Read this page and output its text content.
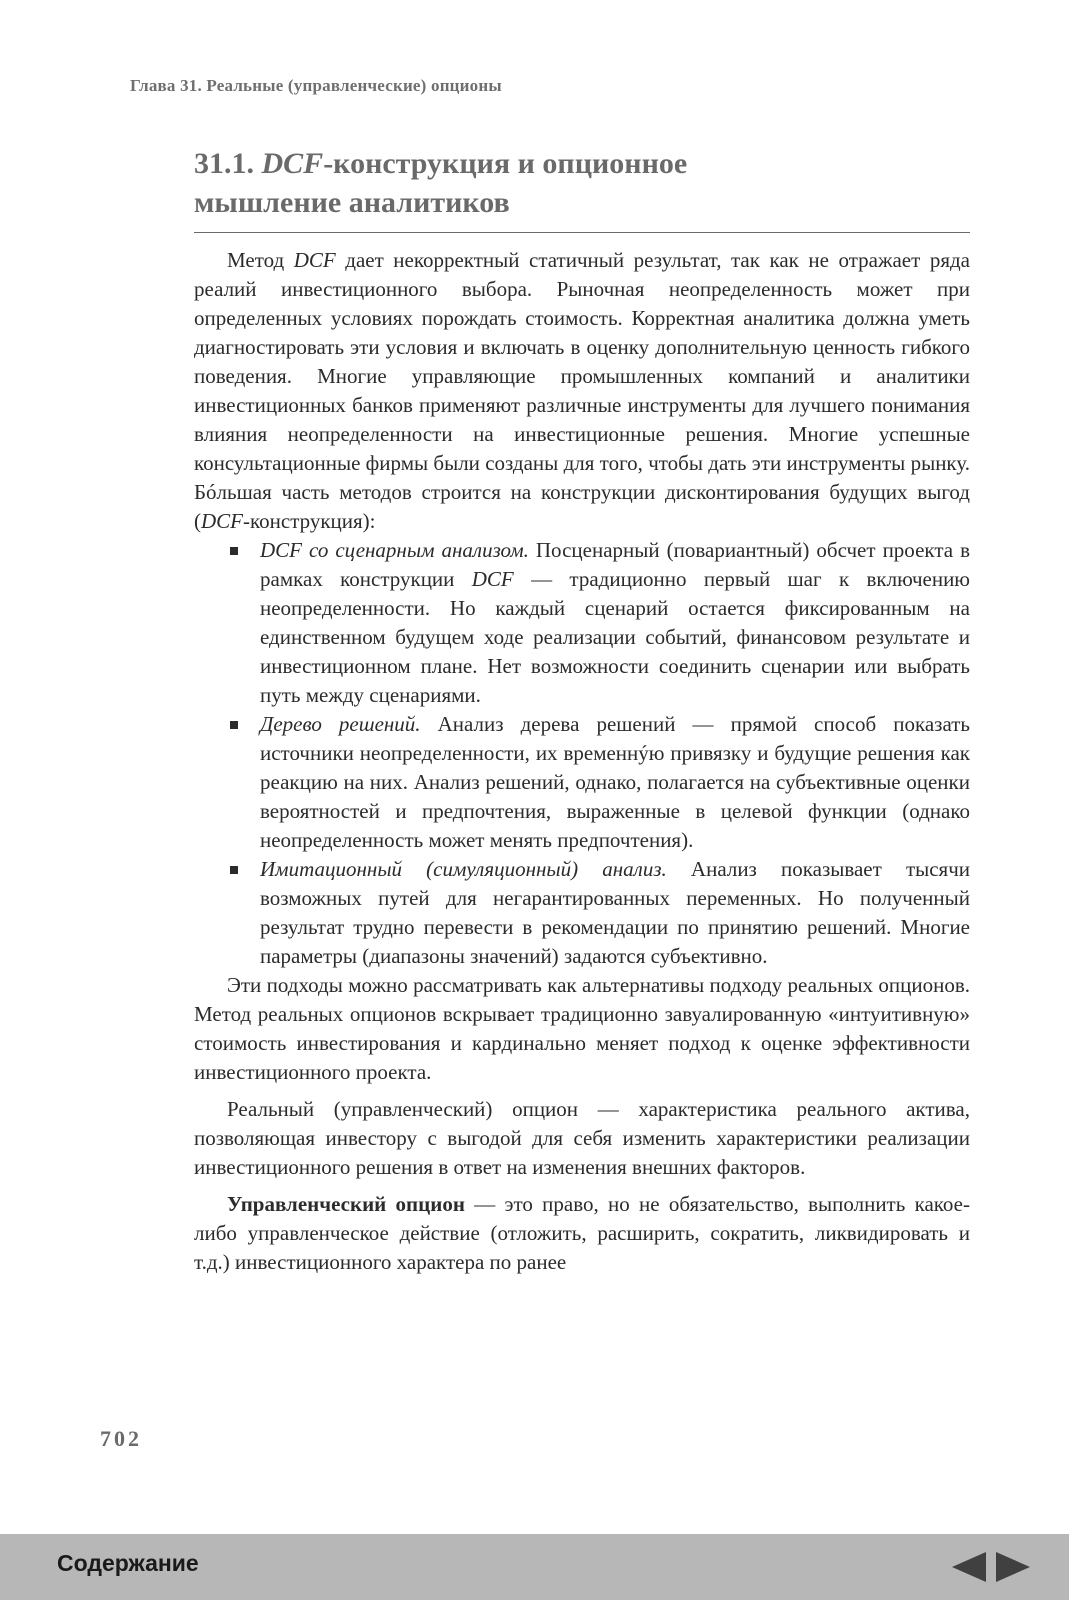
Глава 31. Реальные (управленческие) опционы
31.1. DCF-конструкция и опционное
мышление аналитиков

Метод DCF дает некорректный статичный результат, так как не отражает ряда реалий инвестиционного выбора. Рыночная неопределенность может при определенных условиях порождать стоимость. Корректная аналитика должна уметь диагностировать эти условия и включать в оценку дополнительную ценность гибкого поведения. Многие управляющие промышленных компаний и аналитики инвестиционных банков применяют различные инструменты для лучшего понимания влияния неопределенности на инвестиционные решения. Многие успешные консультационные фирмы были созданы для того, чтобы дать эти инструменты рынку. Бóльшая часть методов строится на конструкции дисконтирования будущих выгод (DCF-конструкция):

DCF со сценарным анализом. Посценарный (повариантный) обсчет проекта в рамках конструкции DCF — традиционно первый шаг к включению неопределенности. Но каждый сценарий остается фиксированным на единственном будущем ходе реализации событий, финансовом результате и инвестиционном плане. Нет возможности соединить сценарии или выбрать путь между сценариями.
Дерево решений. Анализ дерева решений — прямой способ показать источники неопределенности, их временнýю привязку и будущие решения как реакцию на них. Анализ решений, однако, полагается на субъективные оценки вероятностей и предпочтения, выраженные в целевой функции (однако неопределенность может менять предпочтения).
Имитационный (симуляционный) анализ. Анализ показывает тысячи возможных путей для негарантированных переменных. Но полученный результат трудно перевести в рекомендации по принятию решений. Многие параметры (диапазоны значений) задаются субъективно.

Эти подходы можно рассматривать как альтернативы подходу реальных опционов. Метод реальных опционов вскрывает традиционно завуалированную «интуитивную» стоимость инвестирования и кардинально меняет подход к оценке эффективности инвестиционного проекта.

Реальный (управленческий) опцион — характеристика реального актива, позволяющая инвестору с выгодой для себя изменить характеристики реализации инвестиционного решения в ответ на изменения внешних факторов.

Управленческий опцион — это право, но не обязательство, выполнить какое-либо управленческое действие (отложить, расширить, сократить, ликвидировать и т.д.) инвестиционного характера по ранее

702
Содержание
